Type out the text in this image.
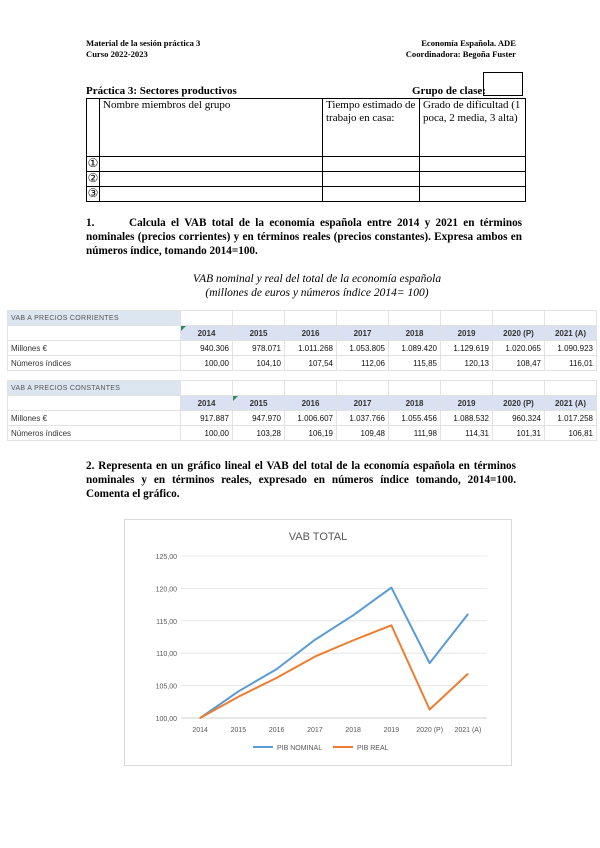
Material de la sesión práctica 3
Curso 2022-2023
Economía Española. ADE
Coordinadora: Begoña Fuster
Práctica 3: Sectores productivos	Grupo de clase:
	Nombre miembros del grupo	Tiempo estimado de trabajo en casa:	Grado de dificultad (1 poca, 2 media, 3 alta)
①			
②			
③			
1.	Calcula el VAB total de la economía española entre 2014 y 2021 en términos nominales (precios corrientes) y en términos reales (precios constantes). Expresa ambos en números índice, tomando 2014=100.
VAB nominal y real del total de la economía española
(millones de euros y números índice 2014= 100)
VAB A PRECIOS CORRIENTES								
	2014	2015	2016	2017	2018	2019	2020 (P)	2021 (A)
Millones €	940.306	978.071	1.011.268	1.053.805	1.089.420	1.129.619	1.020.065	1.090.923
Números índices	100,00	104,10	107,54	112,06	115,85	120,13	108,47	116,01
VAB A PRECIOS CONSTANTES								
	2014	2015	2016	2017	2018	2019	2020 (P)	2021 (A)
Millones €	917.887	947.970	1.006.607	1.037.766	1.055.456	1.088.532	960.324	1.017.258
Números índices	100,00	103,28	106,19	109,48	111,98	114,31	101,31	106,81
2. Representa en un gráfico lineal el VAB del total de la economía española en términos nominales y en términos reales, expresado en números índice tomando, 2014=100. Comenta el gráfico.
VAB TOTAL
100,00
105,00
110,00
115,00
120,00
125,00
2014	2015	2016	2017	2018	2019 2020 (P) 2021 (A)
PIB NOMINAL	PIB REAL
